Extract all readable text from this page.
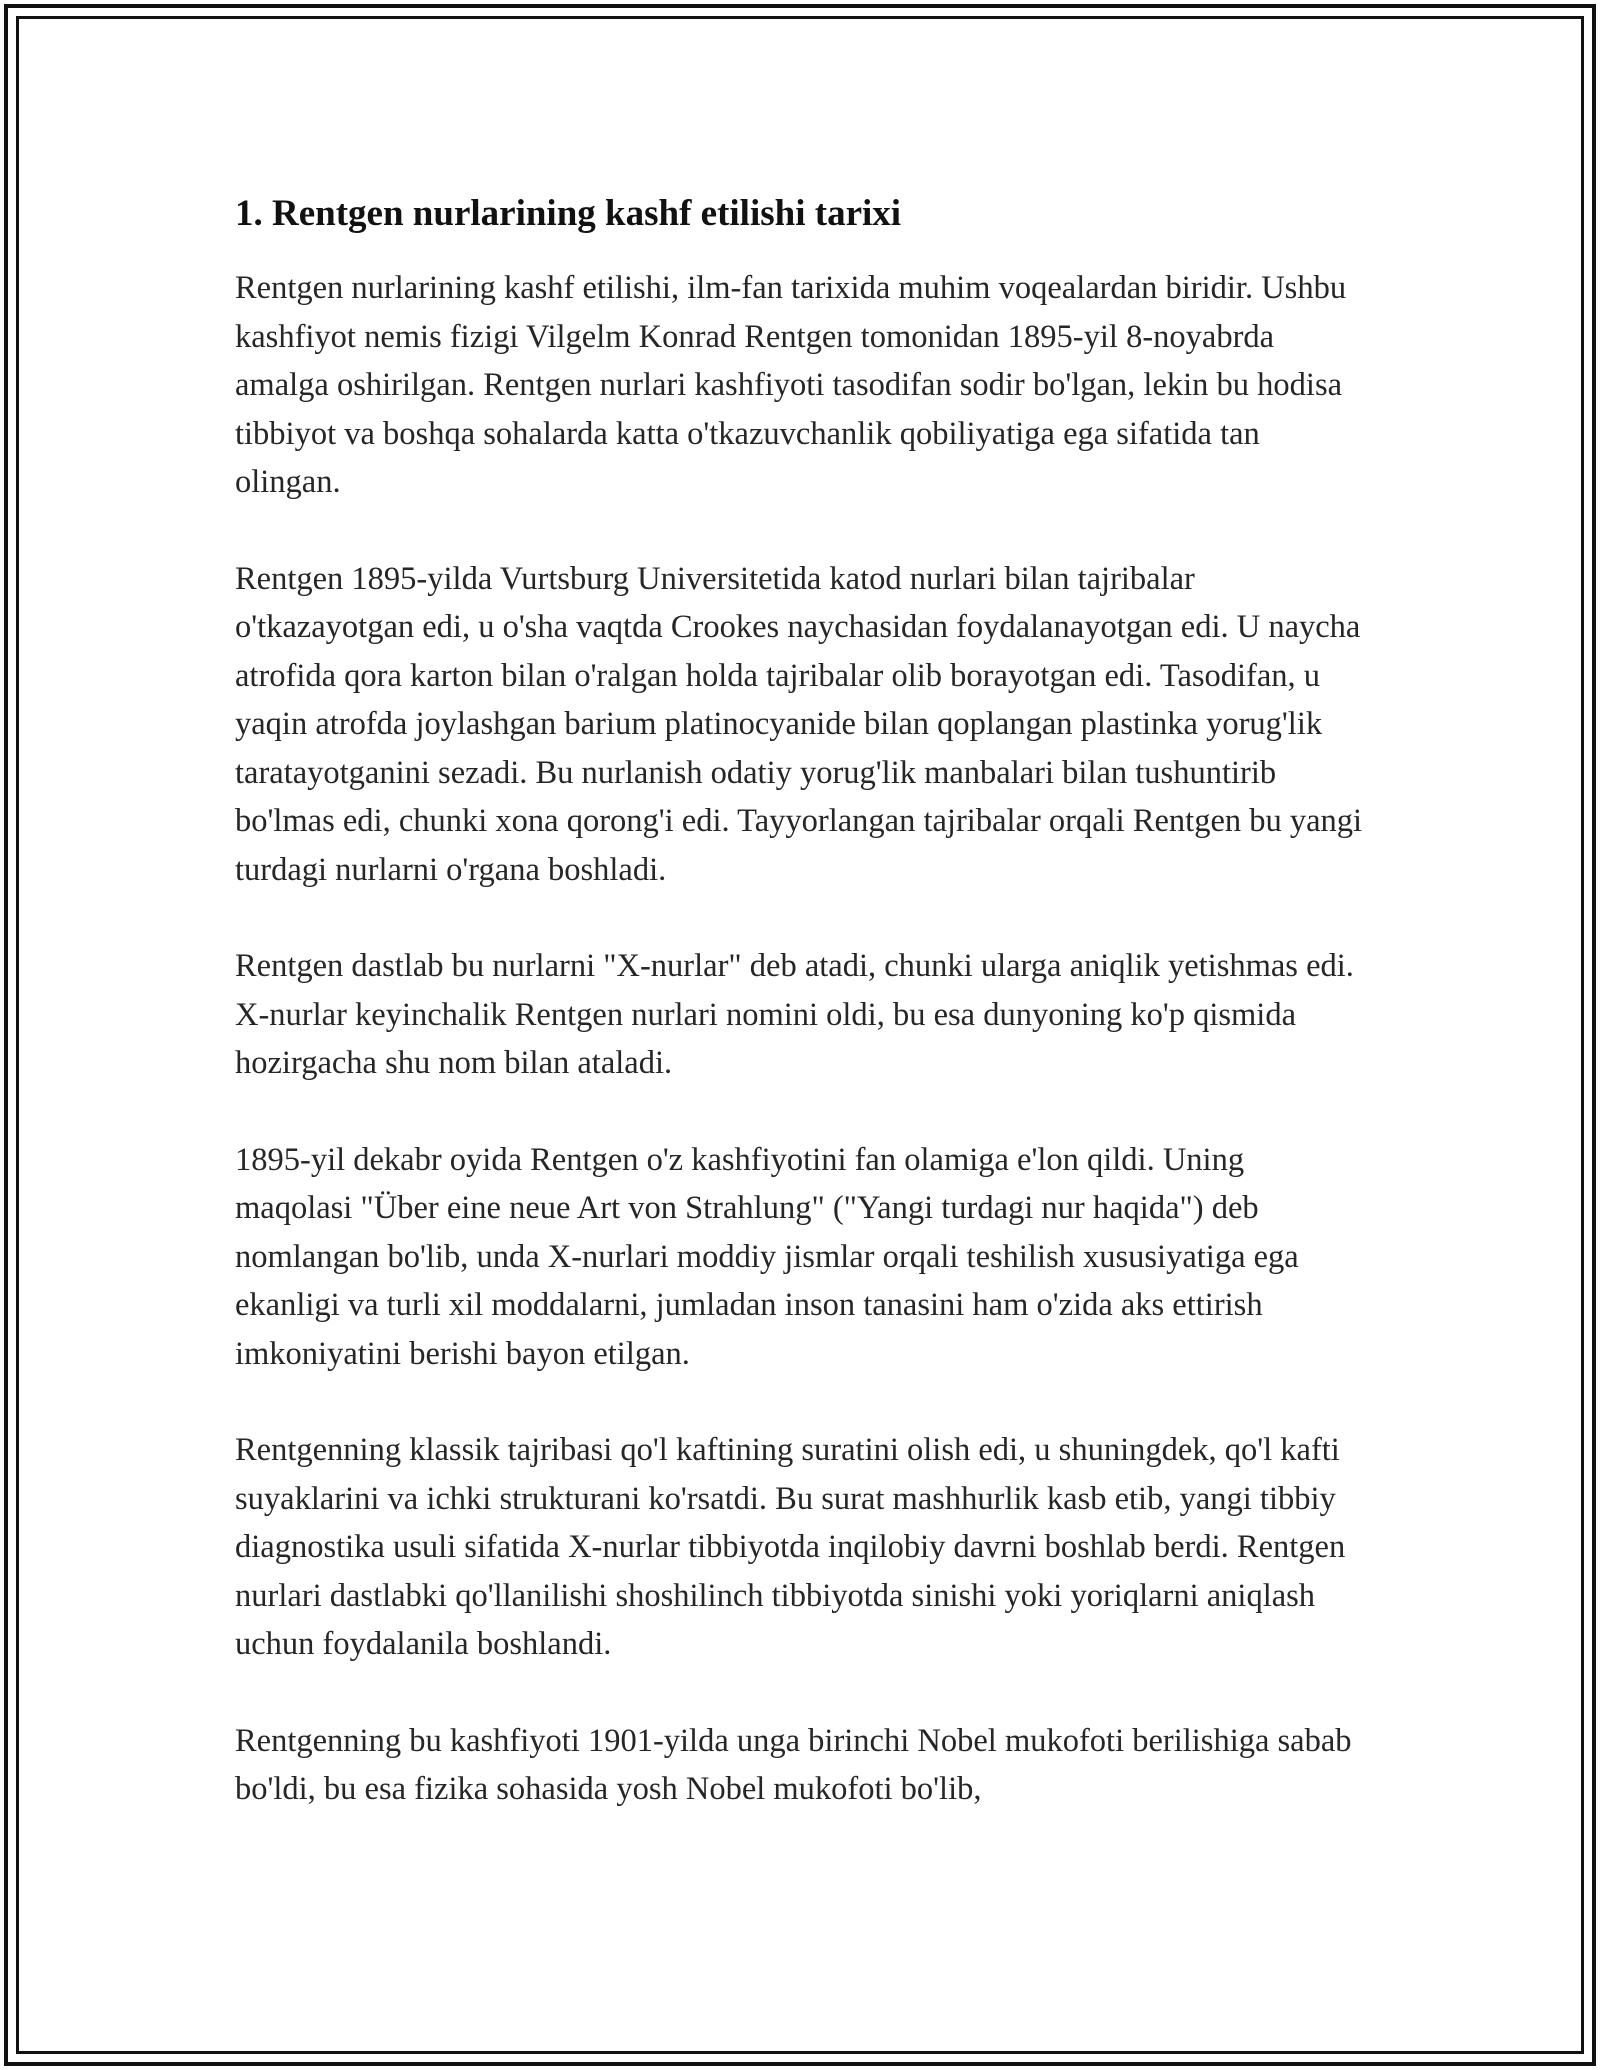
1. Rentgen nurlarining kashf etilishi tarixi

Rentgen nurlarining kashf etilishi, ilm-fan tarixida muhim voqealardan biridir. Ushbu kashfiyot nemis fizigi Vilgelm Konrad Rentgen tomonidan 1895-yil 8-noyabrda amalga oshirilgan. Rentgen nurlari kashfiyoti tasodifan sodir bo'lgan, lekin bu hodisa tibbiyot va boshqa sohalarda katta o'tkazuvchanlik qobiliyatiga ega sifatida tan olingan.

Rentgen 1895-yilda Vurtsburg Universitetida katod nurlari bilan tajribalar o'tkazayotgan edi, u o'sha vaqtda Crookes naychasidan foydalanayotgan edi. U naycha atrofida qora karton bilan o'ralgan holda tajribalar olib borayotgan edi. Tasodifan, u yaqin atrofda joylashgan barium platinocyanide bilan qoplangan plastinka yorug'lik taratayotganini sezadi. Bu nurlanish odatiy yorug'lik manbalari bilan tushuntirib bo'lmas edi, chunki xona qorong'i edi. Tayyorlangan tajribalar orqali Rentgen bu yangi turdagi nurlarni o'rgana boshladi.

Rentgen dastlab bu nurlarni "X-nurlar" deb atadi, chunki ularga aniqlik yetishmas edi. X-nurlar keyinchalik Rentgen nurlari nomini oldi, bu esa dunyoning ko'p qismida hozirgacha shu nom bilan ataladi.

1895-yil dekabr oyida Rentgen o'z kashfiyotini fan olamiga e'lon qildi. Uning maqolasi "Über eine neue Art von Strahlung" ("Yangi turdagi nur haqida") deb nomlangan bo'lib, unda X-nurlari moddiy jismlar orqali teshilish xususiyatiga ega ekanligi va turli xil moddalarni, jumladan inson tanasini ham o'zida aks ettirish imkoniyatini berishi bayon etilgan.

Rentgenning klassik tajribasi qo'l kaftining suratini olish edi, u shuningdek, qo'l kafti suyaklarini va ichki strukturani ko'rsatdi. Bu surat mashhurlik kasb etib, yangi tibbiy diagnostika usuli sifatida X-nurlar tibbiyotda inqilobiy davrni boshlab berdi. Rentgen nurlari dastlabki qo'llanilishi shoshilinch tibbiyotda sinishi yoki yoriqlarni aniqlash uchun foydalanila boshlandi.

Rentgenning bu kashfiyoti 1901-yilda unga birinchi Nobel mukofoti berilishiga sabab bo'ldi, bu esa fizika sohasida yosh Nobel mukofoti bo'lib,
